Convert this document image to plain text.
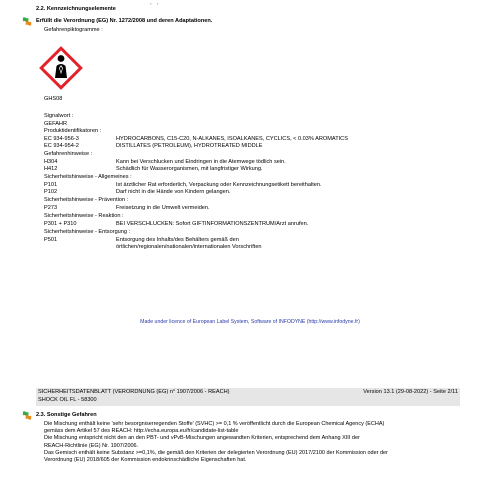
¸ ´ ¸
2.2. Kennzeichnungselemente
Erfüllt die Verordnung (EG) Nr. 1272/2008 und deren Adaptationen.
Gefahrenpiktogramme :
GHS08
Signalwort :
GEFAHR
Produktidentifikatoren :
EC 934-956-3	HYDROCARBONS, C15-C20, N-ALKANES, ISOALKANES, CYCLICS, < 0.03% AROMATICS
EC 934-954-2	DISTILLATES (PETROLEUM), HYDROTREATED MIDDLE
Gefahrenhinweise :
H304	Kann bei Verschlucken und Eindringen in die Atemwege tödlich sein.
H412	Schädlich für Wasserorganismen, mit langfristiger Wirkung.
Sicherheitshinweise - Allgemeines :
P101	Ist ärztlicher Rat erforderlich, Verpackung oder Kennzeichnungsetikett bereithalten.
P102	Darf nicht in die Hände von Kindern gelangen.
Sicherheitshinweise - Prävention :
P273	Freisetzung in die Umwelt vermeiden.
Sicherheitshinweise - Reaktion :
P301 + P310	BEI VERSCHLUCKEN: Sofort GIFTINFORMATIONSZENTRUM/Arzt anrufen.
Sicherheitshinweise - Entsorgung :
P501	Entsorgung des Inhalts/des Behälters gemäß den
örtlichen/regionalen/nationalen/internationalen Vorschriften
Made under licence of European Label System, Software of INFODYNE (http://www.infodyne.fr)
SICHERHEITSDATENBLATT (VERORDNUNG (EG) n° 1907/2006 - REACH)	Version 13.1 (29-08-2022) - Seite 2/11
SHOCK OIL FL - 58300
2.3. Sonstige Gefahren
Die Mischung enthält keine 'sehr besorgniserregenden Stoffe' (SVHC) >= 0,1 % veröffentlicht durch die European Chemical Agency (ECHA)
gemäss dem Artikel 57 des REACH: http://echa.europa.eu/fr/candidate-list-table
Die Mischung entspricht nicht den an den PBT- und vPvB-Mischungen angewandten Kriterien, entsprechend dem Anhang XIII der
REACH-Richtlinie (EG) Nr. 1907/2006.
Das Gemisch enthält keine Substanz >=0,1%, die gemäß den Kriterien der delegierten Verordnung (EU) 2017/2100 der Kommission oder der
Verordnung (EU) 2018/605 der Kommission endokrinschädliche Eigenschaften hat.
